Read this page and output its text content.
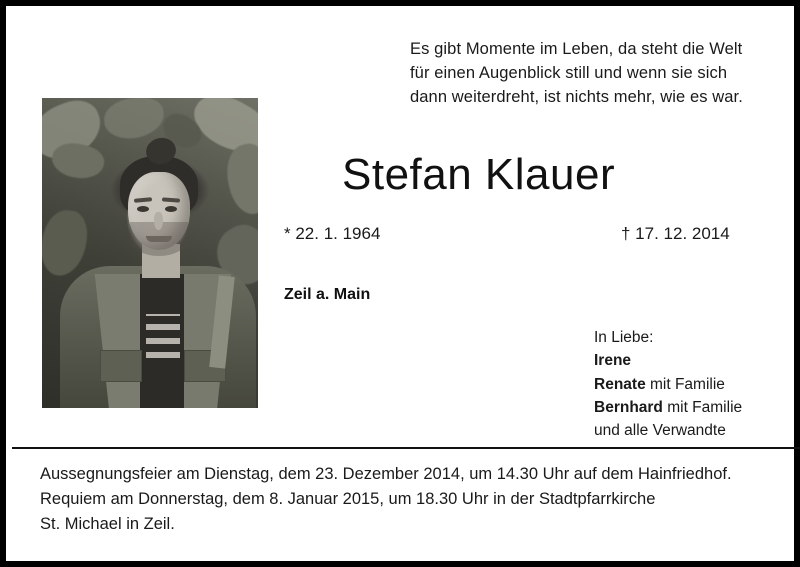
Es gibt Momente im Leben, da steht die Welt
für einen Augenblick still und wenn sie sich
dann weiterdreht, ist nichts mehr, wie es war.
Stefan Klauer
* 22. 1. 1964	† 17. 12. 2014
Zeil a. Main
In Liebe:
Irene
Renate mit Familie
Bernhard mit Familie
und alle Verwandte
Aussegnungsfeier am Dienstag, dem 23. Dezember 2014, um 14.30 Uhr auf dem Hainfriedhof.
Requiem am Donnerstag, dem 8. Januar 2015, um 18.30 Uhr in der Stadtpfarrkirche
St. Michael in Zeil.
